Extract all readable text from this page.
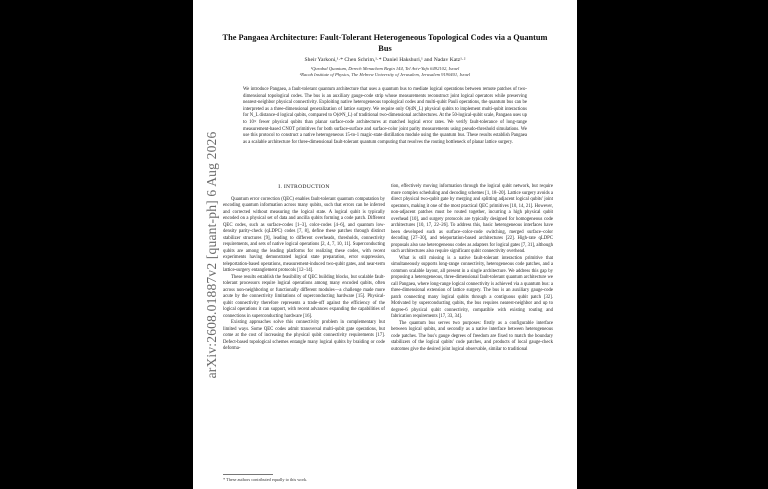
The Pangaea Architecture: Fault-Tolerant Heterogeneous Topological Codes via a Quantum Bus
Sheir Yarkoni,¹·* Chen Schrim,¹·* Daniel Hakshuri,¹ and Nadav Katz¹·²
¹Qurabal Quantum, Derech Menachem Begin 144, Tel Aviv-Yafo 6492102, Israel
²Racah Institute of Physics, The Hebrew University of Jerusalem, Jerusalem 9190401, Israel

We introduce Pangaea, a fault-tolerant quantum architecture that uses a quantum bus to mediate logical operations between remote patches of two-dimensional topological codes. The bus is an auxiliary gauge-code strip whose measurements reconstruct joint logical operators while preserving nearest-neighbor physical connectivity. Exploiting native heterogeneous topological codes and multi-qubit Pauli operations, the quantum bus can be interpreted as a three-dimensional generalization of lattice surgery. We require only O(dN_L) physical qubits to implement multi-qubit interactions for N_L distance-d logical qubits, compared to O(d²N_L) of traditional two-dimensional architectures. At the 50-logical-qubit scale, Pangaea uses up to 10× fewer physical qubits than planar surface-code architectures at matched logical error rates. We verify fault-tolerance of long-range measurement-based CNOT primitives for both surface-surface and surface-color joint parity measurements using pseudo-threshold simulations. We use this protocol to construct a native heterogeneous 15-to-1 magic-state distillation module using the quantum bus. These results establish Pangaea as a scalable architecture for three-dimensional fault-tolerant quantum computing that resolves the routing bottleneck of planar lattice surgery.

I. INTRODUCTION

Quantum error correction (QEC) enables fault-tolerant quantum computation by encoding quantum information across many qubits, such that errors can be inferred and corrected without measuring the logical state. A logical qubit is typically encoded on a physical set of data and ancilla qubits forming a code patch. Different QEC codes, such as surface-codes [1–3], color-codes [4–6], and quantum low-density parity-check (qLDPC) codes [7, 8], define these patches through distinct stabilizer structures [9], leading to different overheads, thresholds, connectivity requirements, and sets of native logical operations [2, 4, 7, 10, 11]. Superconducting qubits are among the leading platforms for realizing these codes, with recent experiments having demonstrated logical state preparation, error suppression, teleportation-based operations, measurement-induced two-qubit gates, and near-term lattice-surgery entanglement protocols [12–14].

These results establish the feasibility of QEC building blocks, but scalable fault-tolerant processors require logical operations among many encoded qubits, often across non-neighboring or functionally different modules—a challenge made more acute by the connectivity limitations of superconducting hardware [15]. Physical-qubit connectivity therefore represents a trade-off against the efficiency of the logical operations it can support, with recent advances expanding the capabilities of connections in superconducting hardware [16].

Existing approaches solve this connectivity problem in complementary but limited ways. Some QEC codes admit transversal multi-qubit gate operations, but come at the cost of increasing the physical qubit connectivity requirements [17]. Defect-based topological schemes entangle many logical qubits by braiding or code deforma-

tion, effectively moving information through the logical qubit network, but require more complex scheduling and decoding schemes [1, 18–20]. Lattice surgery avoids a direct physical two-qubit gate by merging and splitting adjacent logical qubits' joint operators, making it one of the most practical QEC primitives [10, 14, 21]. However, non-adjacent patches must be routed together, incurring a high physical qubit overhead [10], and surgery protocols are typically designed for homogeneous code architectures [10, 17, 22–26]. To address this, basic heterogeneous interfaces have been developed such as surface–color-code switching, merged surface–color decoding [27–30], and teleportation-based architectures [22]. High-rate qLDPC proposals also use heterogeneous codes as adapters for logical gates [7, 31], although such architectures also require significant qubit connectivity overhead.

What is still missing is a native fault-tolerant interaction primitive that simultaneously supports long-range connectivity, heterogeneous code patches, and a common scalable layout, all present in a single architecture. We address this gap by proposing a heterogeneous, three-dimensional fault-tolerant quantum architecture we call Pangaea, where long-range logical connectivity is achieved via a quantum bus: a three-dimensional extension of lattice surgery. The bus is an auxiliary gauge-code patch connecting many logical qubits through a contiguous qubit patch [32]. Motivated by superconducting qubits, the bus requires nearest-neighbor and up to degree-6 physical qubit connectivity, compatible with existing routing and fabrication requirements [17, 33, 34].

The quantum bus serves two purposes: firstly as a configurable interface between logical qubits, and secondly as a native interface between heterogeneous code patches. The bus's gauge degrees of freedom are fixed to match the boundary stabilizers of the logical qubits' code patches, and products of local gauge-check outcomes give the desired joint logical observable, similar to traditional

* These authors contributed equally to this work.
arXiv:2608.01887v2 [quant-ph] 6 Aug 2026
